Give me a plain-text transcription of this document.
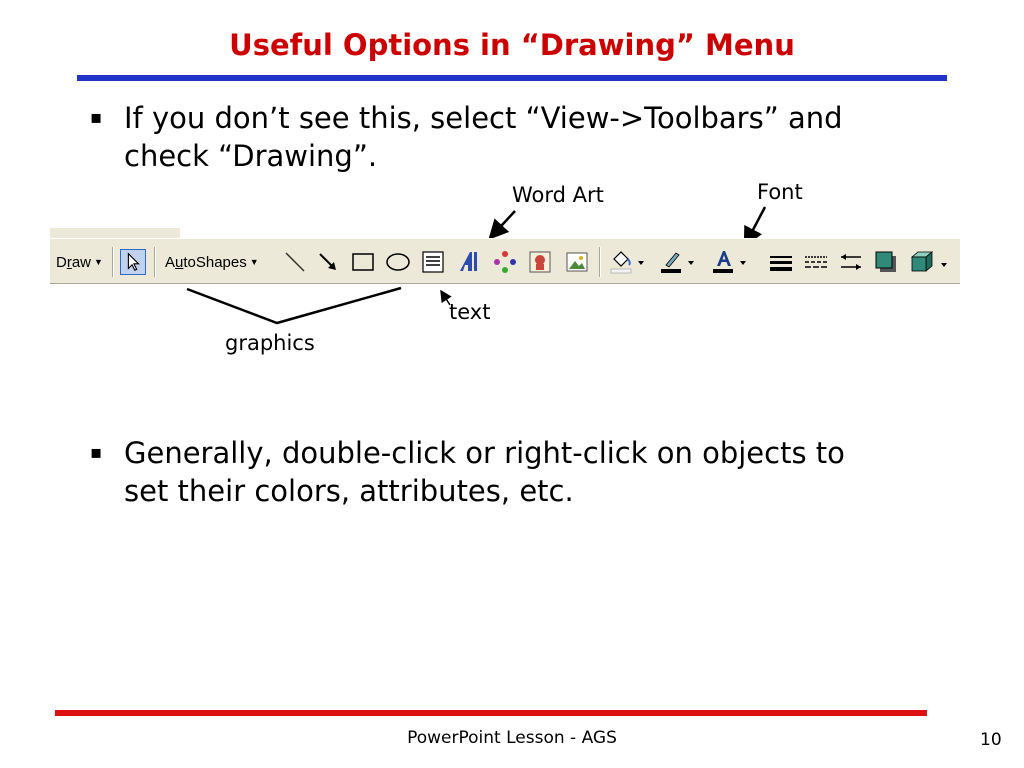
Useful Options in “Drawing” Menu
▪ If you don’t see this, select “View->Toolbars” and
check “Drawing”.
Word Art	Font
text
graphics
Draw ▼	AutoShapes ▼
▪ Generally, double-click or right-click on objects to
set their colors, attributes, etc.
PowerPoint Lesson - AGS	10
